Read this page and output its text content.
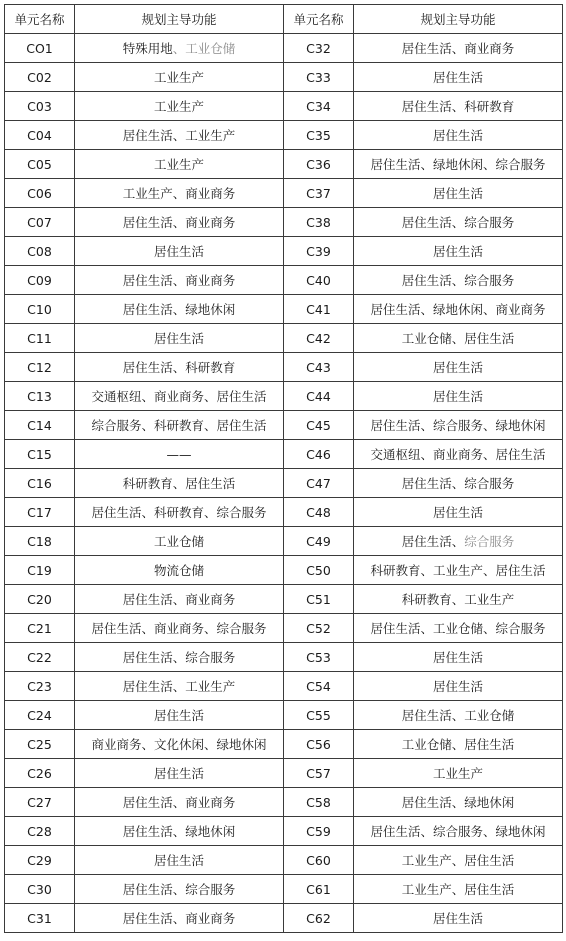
单元名称	规划主导功能	单元名称	规划主导功能
CO1	特殊用地、工业仓储	C32	居住生活、商业商务
C02	工业生产	C33	居住生活
C03	工业生产	C34	居住生活、科研教育
C04	居住生活、工业生产	C35	居住生活
C05	工业生产	C36	居住生活、绿地休闲、综合服务
C06	工业生产、商业商务	C37	居住生活
C07	居住生活、商业商务	C38	居住生活、综合服务
C08	居住生活	C39	居住生活
C09	居住生活、商业商务	C40	居住生活、综合服务
C10	居住生活、绿地休闲	C41	居住生活、绿地休闲、商业商务
C11	居住生活	C42	工业仓储、居住生活
C12	居住生活、科研教育	C43	居住生活
C13	交通枢纽、商业商务、居住生活	C44	居住生活
C14	综合服务、科研教育、居住生活	C45	居住生活、综合服务、绿地休闲
C15	——	C46	交通枢纽、商业商务、居住生活
C16	科研教育、居住生活	C47	居住生活、综合服务
C17	居住生活、科研教育、综合服务	C48	居住生活
C18	工业仓储	C49	居住生活、综合服务
C19	物流仓储	C50	科研教育、工业生产、居住生活
C20	居住生活、商业商务	C51	科研教育、工业生产
C21	居住生活、商业商务、综合服务	C52	居住生活、工业仓储、综合服务
C22	居住生活、综合服务	C53	居住生活
C23	居住生活、工业生产	C54	居住生活
C24	居住生活	C55	居住生活、工业仓储
C25	商业商务、文化休闲、绿地休闲	C56	工业仓储、居住生活
C26	居住生活	C57	工业生产
C27	居住生活、商业商务	C58	居住生活、绿地休闲
C28	居住生活、绿地休闲	C59	居住生活、综合服务、绿地休闲
C29	居住生活	C60	工业生产、居住生活
C30	居住生活、综合服务	C61	工业生产、居住生活
C31	居住生活、商业商务	C62	居住生活
